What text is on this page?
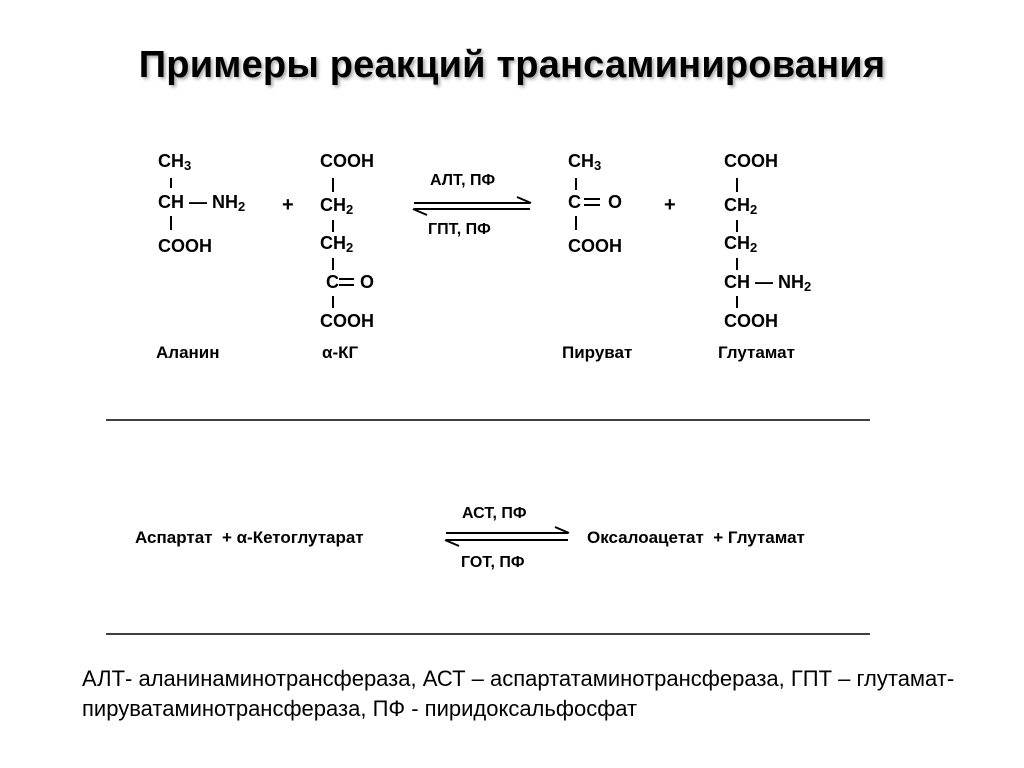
Примеры реакций трансаминирования
$CH_3$
CH — $NH_2$
COOH
Аланин
+
COOH
$CH_2$
$CH_2$
C O
COOH
α-КГ
АЛТ, ПФ
ГПТ, ПФ
$CH_3$
C O
COOH
Пируват
+
COOH
$CH_2$
$CH_2$
CH — $NH_2$
COOH
Глутамат
Аспартат  + α-Кетоглутарат
АСТ, ПФ
ГОТ, ПФ
Оксалоацетат  + Глутамат
АЛТ- аланинаминотрансфераза, АСТ – аспартатаминотрансфераза, ГПТ – глутамат-пируватаминотрансфераза, ПФ - пиридоксальфосфат
